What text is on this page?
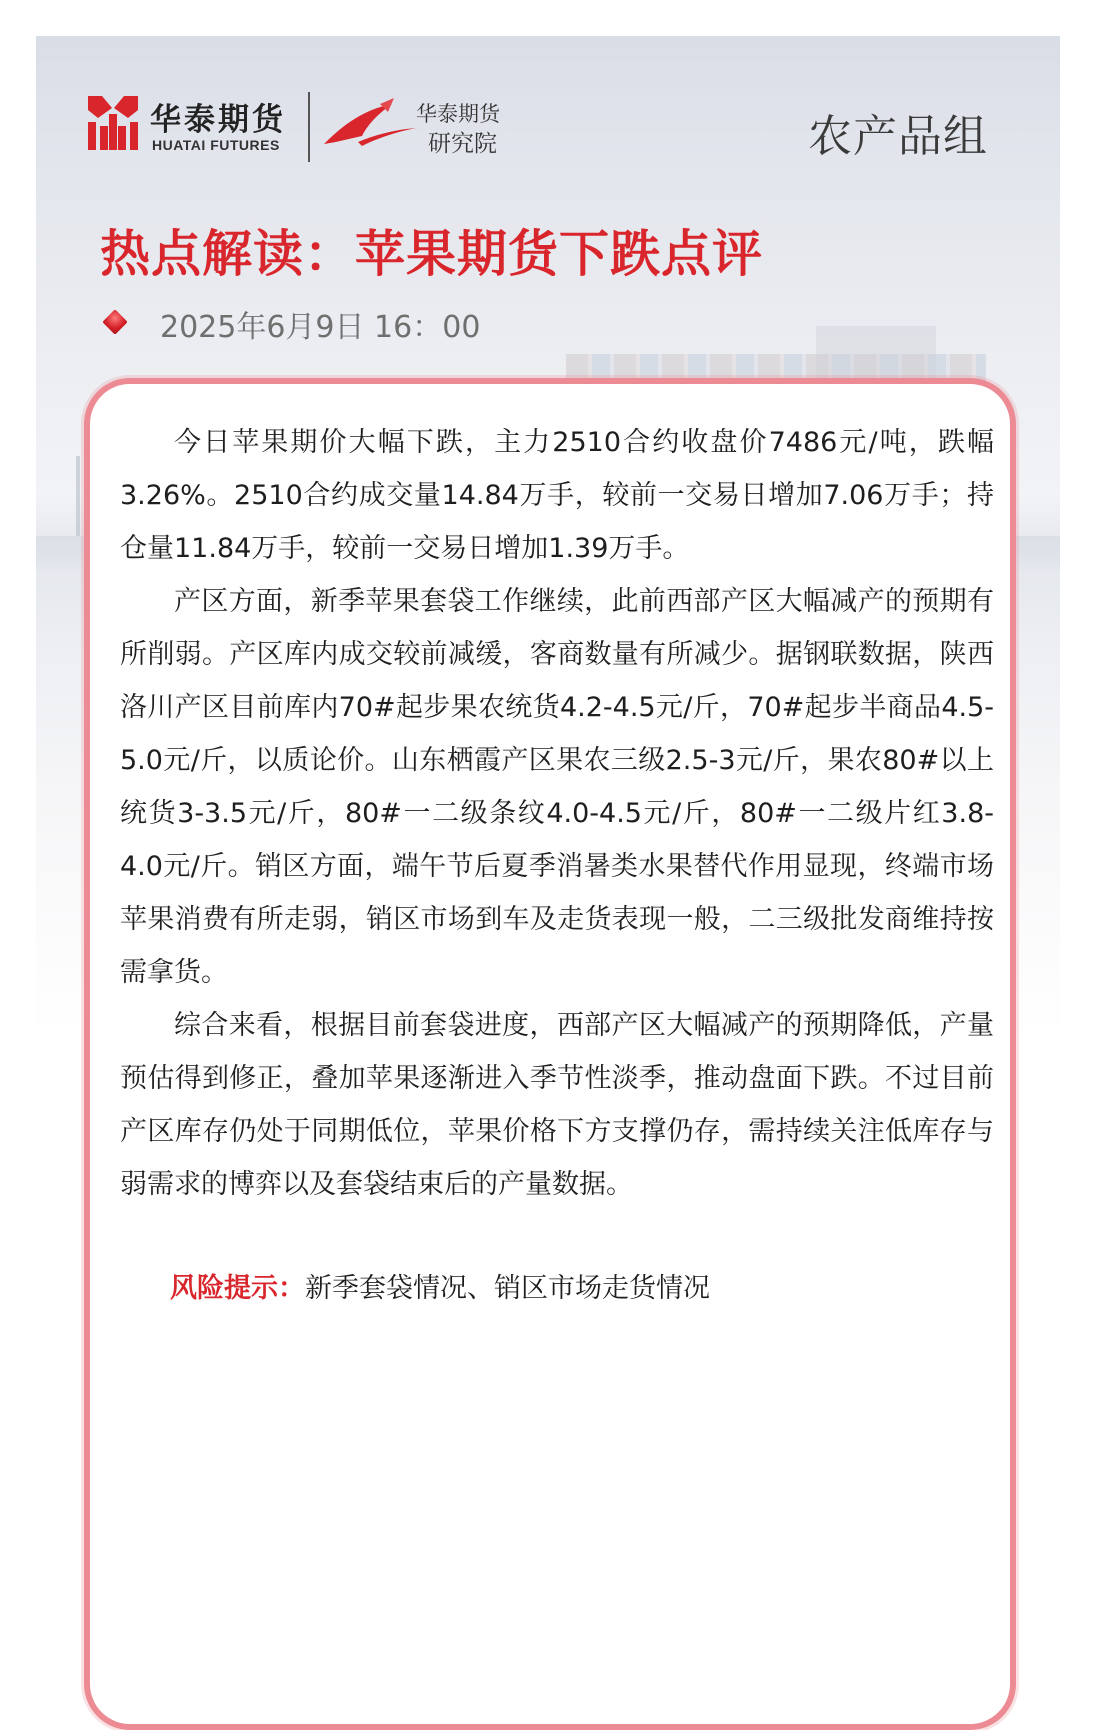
华泰期货
HUATAI FUTURES
华泰期货
研究院	农产品组
热点解读：苹果期货下跌点评
2025年6月9日 16：00

今日苹果期价大幅下跌，主力2510合约收盘价7486元/吨，跌幅3.26%。2510合约成交量14.84万手，较前一交易日增加7.06万手；持仓量11.84万手，较前一交易日增加1.39万手。

产区方面，新季苹果套袋工作继续，此前西部产区大幅减产的预期有所削弱。产区库内成交较前减缓，客商数量有所减少。据钢联数据，陕西洛川产区目前库内70#起步果农统货4.2-4.5元/斤，70#起步半商品4.5-5.0元/斤，以质论价。山东栖霞产区果农三级2.5-3元/斤，果农80#以上统货3-3.5元/斤，80#一二级条纹4.0-4.5元/斤，80#一二级片红3.8-4.0元/斤。销区方面，端午节后夏季消暑类水果替代作用显现，终端市场苹果消费有所走弱，销区市场到车及走货表现一般，二三级批发商维持按需拿货。

综合来看，根据目前套袋进度，西部产区大幅减产的预期降低，产量预估得到修正，叠加苹果逐渐进入季节性淡季，推动盘面下跌。不过目前产区库存仍处于同期低位，苹果价格下方支撑仍存，需持续关注低库存与弱需求的博弈以及套袋结束后的产量数据。

风险提示：新季套袋情况、销区市场走货情况
